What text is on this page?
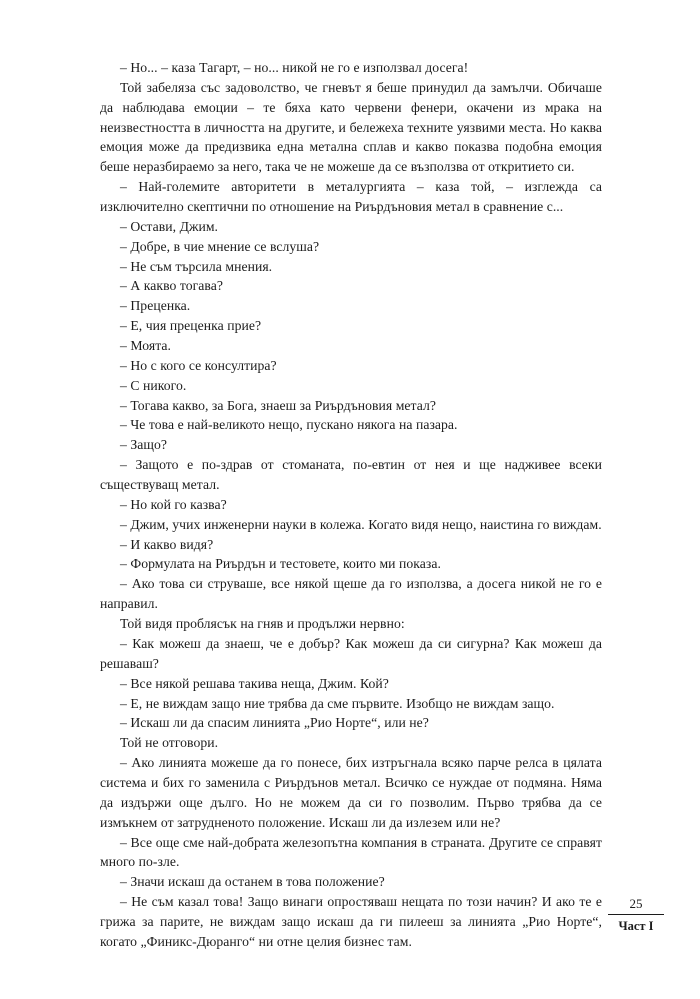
– Но... – каза Тагарт, – но... никой не го е използвал досега!

Той забеляза със задоволство, че гневът я беше принудил да замълчи. Обичаше да наблюдава емоции – те бяха като червени фенери, окачени из мрака на неизвестността в личността на другите, и бележеха техните уязвими места. Но каква емоция може да предизвика една метална сплав и какво показва подобна емоция беше неразбираемо за него, така че не можеше да се възползва от откритието си.

– Най-големите авторитети в металургията – каза той, – изглежда са изключително скептични по отношение на Риърдъновия метал в сравнение с...

– Остави, Джим.

– Добре, в чие мнение се вслуша?

– Не съм търсила мнения.

– А какво тогава?

– Преценка.

– Е, чия преценка прие?

– Моята.

– Но с кого се консултира?

– С никого.

– Тогава какво, за Бога, знаеш за Риърдъновия метал?

– Че това е най-великото нещо, пускано някога на пазара.

– Защо?

– Защото е по-здрав от стоманата, по-евтин от нея и ще надживее всеки съществуващ метал.

– Но кой го казва?

– Джим, учих инженерни науки в колежа. Когато видя нещо, наистина го виждам.

– И какво видя?

– Формулата на Риърдън и тестовете, които ми показа.

– Ако това си струваше, все някой щеше да го използва, а досега никой не го е направил.

Той видя проблясък на гняв и продължи нервно:

– Как можеш да знаеш, че е добър? Как можеш да си сигурна? Как можеш да решаваш?

– Все някой решава такива неща, Джим. Кой?

– Е, не виждам защо ние трябва да сме първите. Изобщо не виждам защо.

– Искаш ли да спасим линията „Рио Норте“, или не?

Той не отговори.

– Ако линията можеше да го понесе, бих изтръгнала всяко парче релса в цялата система и бих го заменила с Риърдънов метал. Всичко се нуждае от подмяна. Няма да издържи още дълго. Но не можем да си го позволим. Първо трябва да се измъкнем от затрудненото положение. Искаш ли да излезем или не?

– Все още сме най-добрата железопътна компания в страната. Другите се справят много по-зле.

– Значи искаш да останем в това положение?

– Не съм казал това! Защо винаги опростяваш нещата по този начин? И ако те е грижа за парите, не виждам защо искаш да ги пилееш за линията „Рио Норте“, когато „Финикс-Дюранго“ ни отне целия бизнес там.

25
Част I
